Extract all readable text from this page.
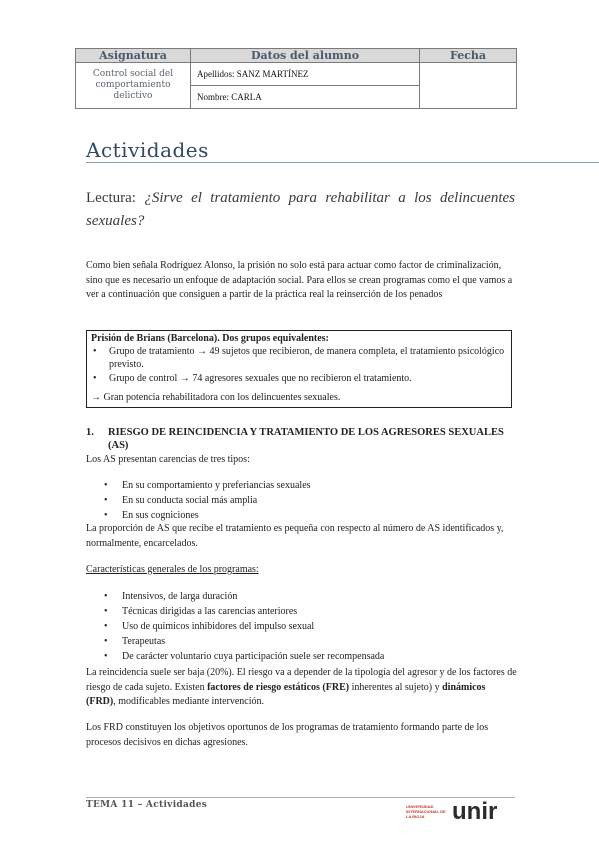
Asignatura	Datos del alumno	Fecha
Control social del comportamiento delictivo	Apellidos: SANZ MARTÍNEZ	
	Nombre: CARLA	
Actividades
Lectura: ¿Sirve el tratamiento para rehabilitar a los delincuentes sexuales?
Como bien señala Rodríguez Alonso, la prisión no solo está para actuar como factor de criminalización, sino que es necesario un enfoque de adaptación social. Para ellos se crean programas como el que vamos a ver a continuación que consiguen a partir de la práctica real la reinserción de los penados
Prisión de Brians (Barcelona). Dos grupos equivalentes:
• Grupo de tratamiento → 49 sujetos que recibieron, de manera completa, el tratamiento psicológico previsto.
• Grupo de control → 74 agresores sexuales que no recibieron el tratamiento.
→ Gran potencia rehabilitadora con los delincuentes sexuales.
1.	RIESGO DE REINCIDENCIA Y TRATAMIENTO DE LOS AGRESORES SEXUALES (AS)
Los AS presentan carencias de tres tipos:
• En su comportamiento y preferiancias sexuales
• En su conducta social más amplia
• En sus cogniciones
La proporción de AS que recibe el tratamiento es pequeña con respecto al número de AS identificados y, normalmente, encarcelados.
Características generales de los programas:
• Intensivos, de larga duración
• Técnicas dirigidas a las carencias anteriores
• Uso de químicos inhibidores del impulso sexual
• Terapeutas
• De carácter voluntario cuya participación suele ser recompensada
La reincidencia suele ser baja (20%). El riesgo va a depender de la tipología del agresor y de los factores de riesgo de cada sujeto. Existen factores de riesgo estáticos (FRE) inherentes al sujeto) y dinámicos (FRD), modificables mediante intervención.
Los FRD constituyen los objetivos oportunos de los programas de tratamiento formando parte de los procesos decisivos en dichas agresiones.
TEMA 11 – Actividades	UNIVERSIDAD INTERNACIONAL DE LA RIOJA	unir
